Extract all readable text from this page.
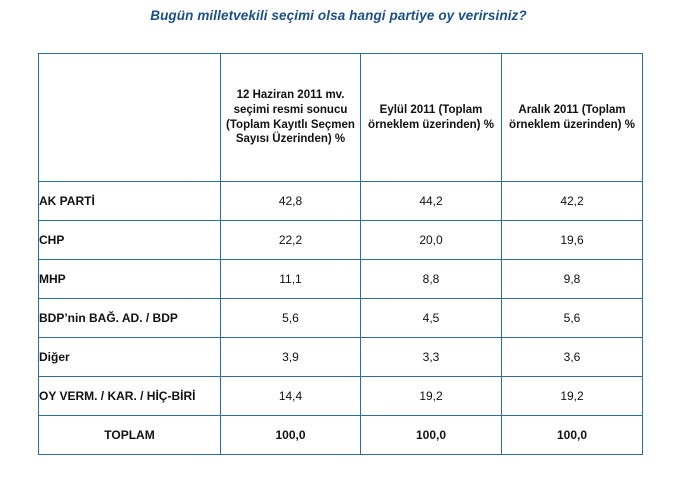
Bugün milletvekili seçimi olsa hangi partiye oy verirsiniz?
	12 Haziran 2011 mv. seçimi resmi sonucu (Toplam Kayıtlı Seçmen Sayısı Üzerinden) %	Eylül 2011 (Toplam örneklem üzerinden) %	Aralık 2011 (Toplam örneklem üzerinden) %
AK PARTİ	42,8	44,2	42,2
CHP	22,2	20,0	19,6
MHP	11,1	8,8	9,8
BDP’nin BAĞ. AD. / BDP	5,6	4,5	5,6
Diğer	3,9	3,3	3,6
OY VERM. / KAR. / HİÇ-BİRİ	14,4	19,2	19,2
TOPLAM	100,0	100,0	100,0
